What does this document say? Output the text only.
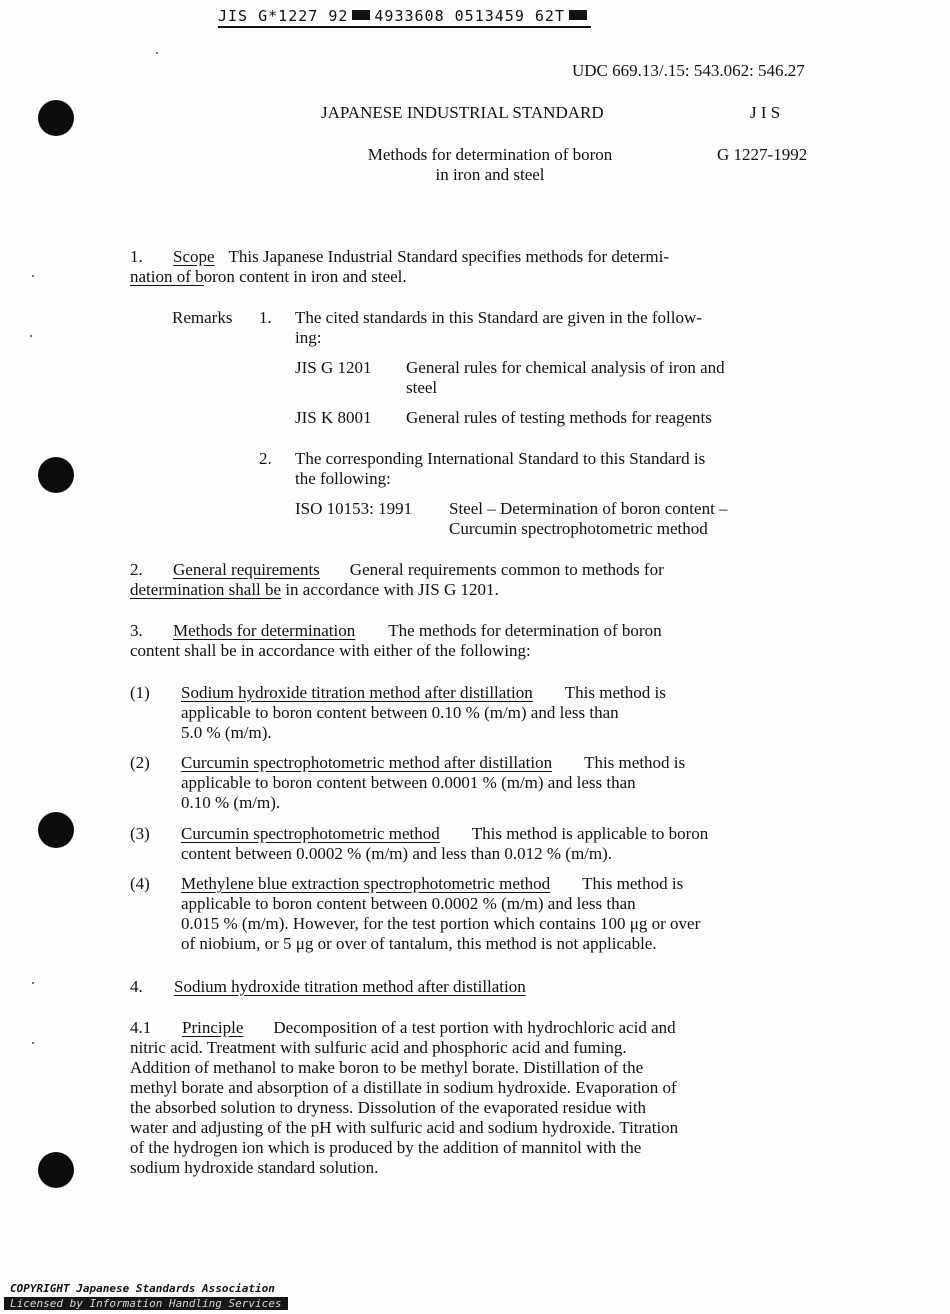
JIS G*1227 92 4933608 0513459 62T
UDC 669.13/.15: 543.062: 546.27
JAPANESE INDUSTRIAL STANDARD	J I S
Methods for determination of boron
in iron and steel
G 1227-1992
1. Scope This Japanese Industrial Standard specifies methods for determi-
nation of boron content in iron and steel.
Remarks 1. The cited standards in this Standard are given in the follow-
ing:
JIS G 1201 General rules for chemical analysis of iron and
steel
JIS K 8001 General rules of testing methods for reagents
2. The corresponding International Standard to this Standard is
the following:
ISO 10153: 1991 Steel – Determination of boron content –
Curcumin spectrophotometric method
2. General requirements General requirements common to methods for
determination shall be in accordance with JIS G 1201.
3. Methods for determination The methods for determination of boron
content shall be in accordance with either of the following:
(1) Sodium hydroxide titration method after distillation This method is
applicable to boron content between 0.10 % (m/m) and less than
5.0 % (m/m).
(2) Curcumin spectrophotometric method after distillation This method is
applicable to boron content between 0.0001 % (m/m) and less than
0.10 % (m/m).
(3) Curcumin spectrophotometric method This method is applicable to boron
content between 0.0002 % (m/m) and less than 0.012 % (m/m).
(4) Methylene blue extraction spectrophotometric method This method is
applicable to boron content between 0.0002 % (m/m) and less than
0.015 % (m/m). However, for the test portion which contains 100 μg or over
of niobium, or 5 μg or over of tantalum, this method is not applicable.
4. Sodium hydroxide titration method after distillation
4.1 Principle Decomposition of a test portion with hydrochloric acid and
nitric acid. Treatment with sulfuric acid and phosphoric acid and fuming.
Addition of methanol to make boron to be methyl borate. Distillation of the
methyl borate and absorption of a distillate in sodium hydroxide. Evaporation of
the absorbed solution to dryness. Dissolution of the evaporated residue with
water and adjusting of the pH with sulfuric acid and sodium hydroxide. Titration
of the hydrogen ion which is produced by the addition of mannitol with the
sodium hydroxide standard solution.
COPYRIGHT Japanese Standards Association
Licensed by Information Handling Services
